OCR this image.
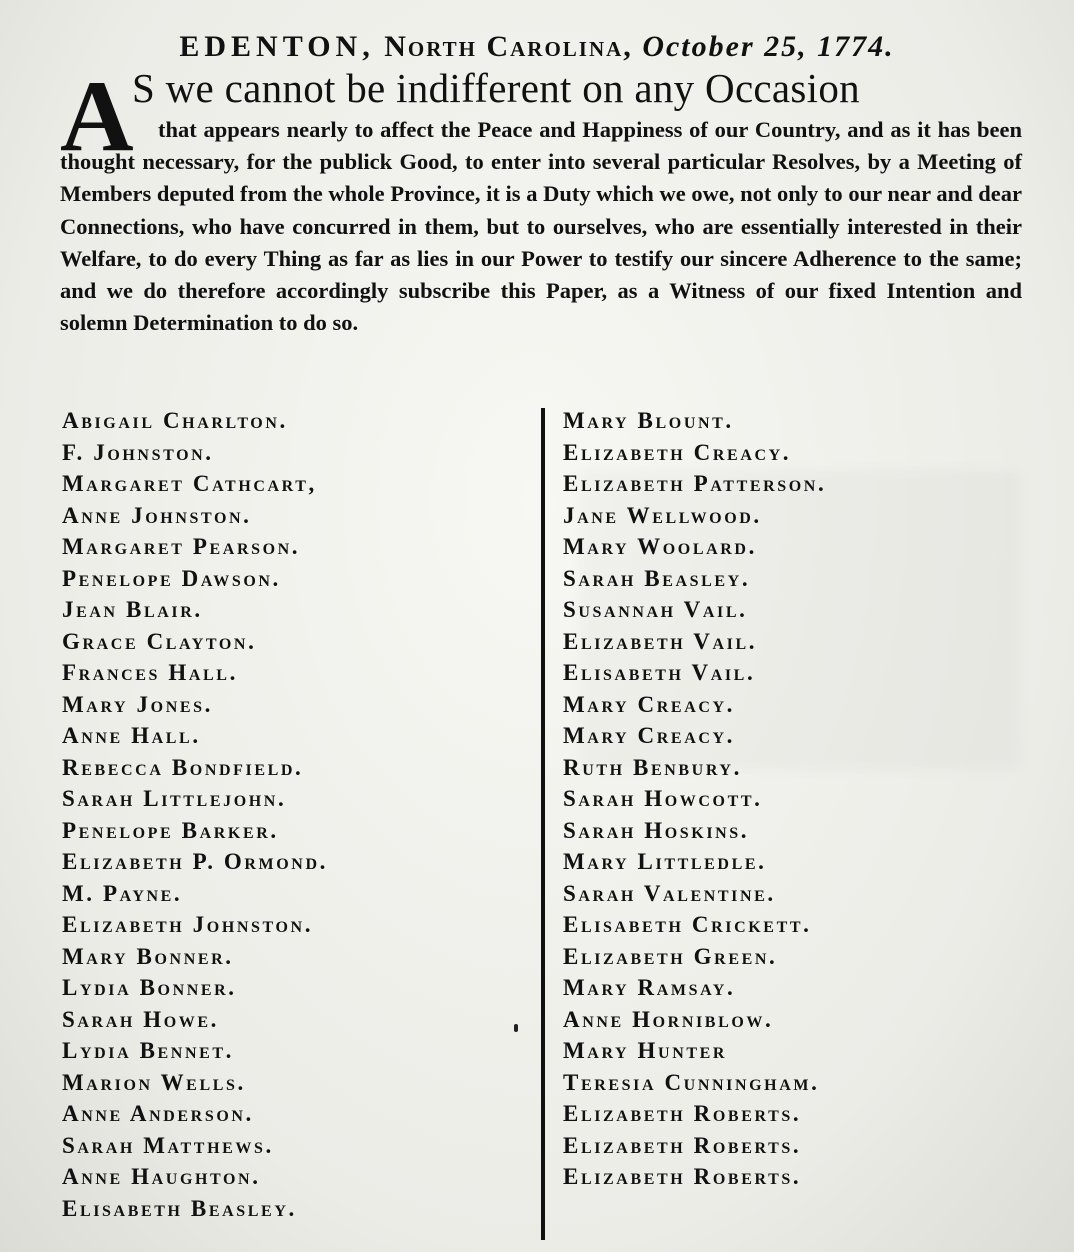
EDENTON, North Carolina, October 25, 1774.
A
S we cannot be indifferent on any Occasion
that appears nearly to affect the Peace and Happiness of our Country, and as it has been thought necessary, for the publick Good, to enter into several particular Resolves, by a Meeting of Members deputed from the whole Province, it is a Duty which we owe, not only to our near and dear Connections, who have concurred in them, but to ourselves, who are essentially interested in their Welfare, to do every Thing as far as lies in our Power to testify our sincere Adherence to the same; and we do therefore accordingly subscribe this Paper, as a Witness of our fixed Intention and solemn Determination to do so.
Abigail Charlton.
F. Johnston.
Margaret Cathcart,
Anne Johnston.
Margaret Pearson.
Penelope Dawson.
Jean Blair.
Grace Clayton.
Frances Hall.
Mary Jones.
Anne Hall.
Rebecca Bondfield.
Sarah Littlejohn.
Penelope Barker.
Elizabeth P. Ormond.
M. Payne.
Elizabeth Johnston.
Mary Bonner.
Lydia Bonner.
Sarah Howe.
Lydia Bennet.
Marion Wells.
Anne Anderson.
Sarah Matthews.
Anne Haughton.
Elisabeth Beasley.
Mary Blount.
Elizabeth Creacy.
Elizabeth Patterson.
Jane Wellwood.
Mary Woolard.
Sarah Beasley.
Susannah Vail.
Elizabeth Vail.
Elisabeth Vail.
Mary Creacy.
Mary Creacy.
Ruth Benbury.
Sarah Howcott.
Sarah Hoskins.
Mary Littledle.
Sarah Valentine.
Elisabeth Crickett.
Elizabeth Green.
Mary Ramsay.
Anne Horniblow.
Mary Hunter
Teresia Cunningham.
Elizabeth Roberts.
Elizabeth Roberts.
Elizabeth Roberts.
